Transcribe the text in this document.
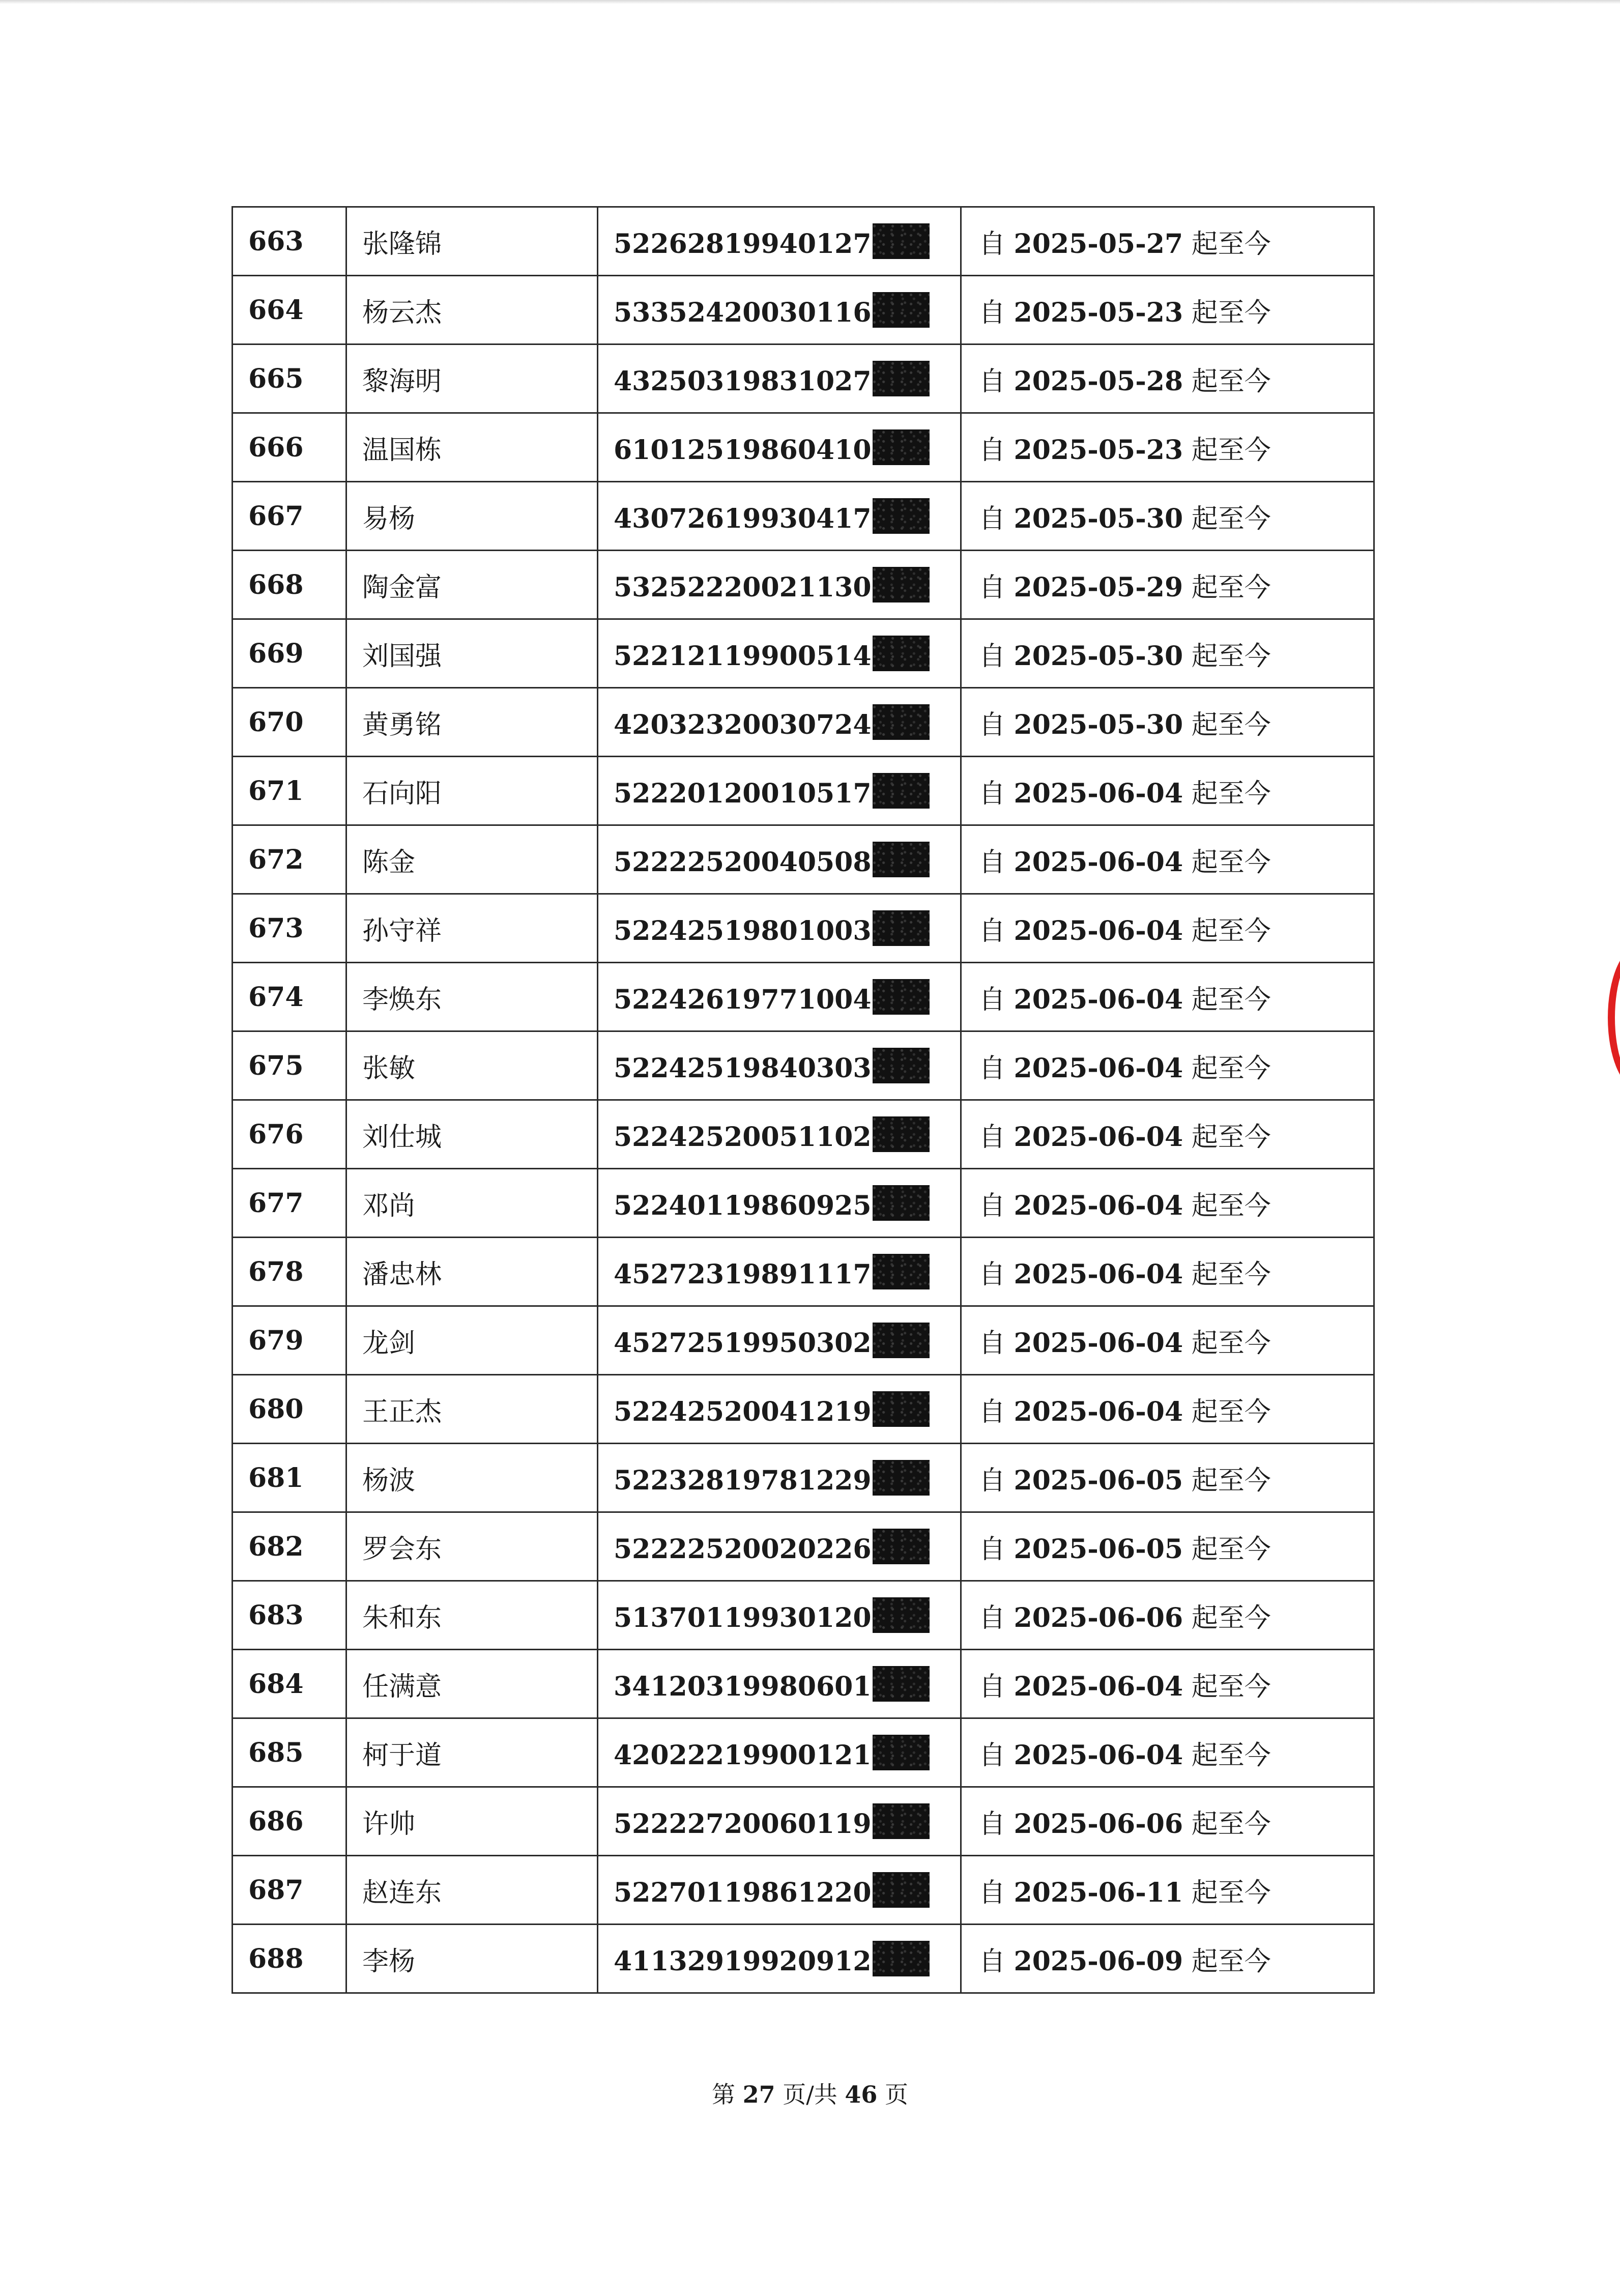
663	张隆锦	52262819940127	自 2025-05-27 起至今
664	杨云杰	53352420030116	自 2025-05-23 起至今
665	黎海明	43250319831027	自 2025-05-28 起至今
666	温国栋	61012519860410	自 2025-05-23 起至今
667	易杨	43072619930417	自 2025-05-30 起至今
668	陶金富	53252220021130	自 2025-05-29 起至今
669	刘国强	52212119900514	自 2025-05-30 起至今
670	黄勇铭	42032320030724	自 2025-05-30 起至今
671	石向阳	52220120010517	自 2025-06-04 起至今
672	陈金	52222520040508	自 2025-06-04 起至今
673	孙守祥	52242519801003	自 2025-06-04 起至今
674	李焕东	52242619771004	自 2025-06-04 起至今
675	张敏	52242519840303	自 2025-06-04 起至今
676	刘仕城	52242520051102	自 2025-06-04 起至今
677	邓尚	52240119860925	自 2025-06-04 起至今
678	潘忠林	45272319891117	自 2025-06-04 起至今
679	龙剑	45272519950302	自 2025-06-04 起至今
680	王正杰	52242520041219	自 2025-06-04 起至今
681	杨波	52232819781229	自 2025-06-05 起至今
682	罗会东	52222520020226	自 2025-06-05 起至今
683	朱和东	51370119930120	自 2025-06-06 起至今
684	任满意	34120319980601	自 2025-06-04 起至今
685	柯于道	42022219900121	自 2025-06-04 起至今
686	许帅	52222720060119	自 2025-06-06 起至今
687	赵连东	52270119861220	自 2025-06-11 起至今
688	李杨	41132919920912	自 2025-06-09 起至今
第 27 页/共 46 页
